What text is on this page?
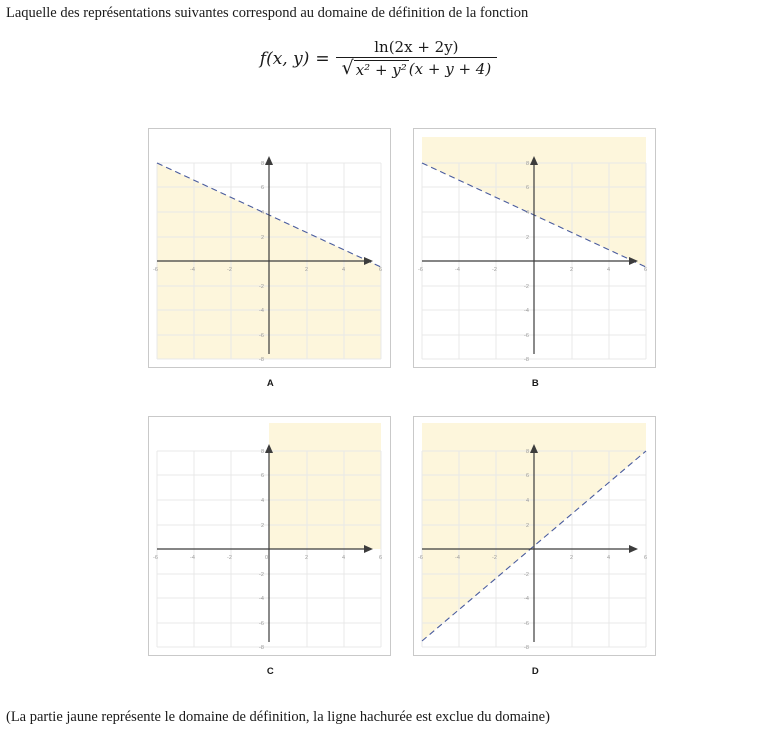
Laquelle des représentations suivantes correspond au domaine de définition de la fonction
f(x, $y) = \frac{\ln(2x + 2y)}{\text{√ x² + y² (x + y + 4)}}$
-6	-4	-2	2	4	6
8
6
4
2
-2
-4
-6
-8
A
-6	-4	-2	2	4	6
8
6
4
2
-2
-4
-6
-8
B
-6	-4	-2	0	2	4	6
8
6
4
2
-2
-4
-6
-8
C
-6	-4	-2	2	4	6
8
6
4
2
-2
-4
-6
-8
D
(La partie jaune représente le domaine de définition, la ligne hachurée est exclue du domaine)
